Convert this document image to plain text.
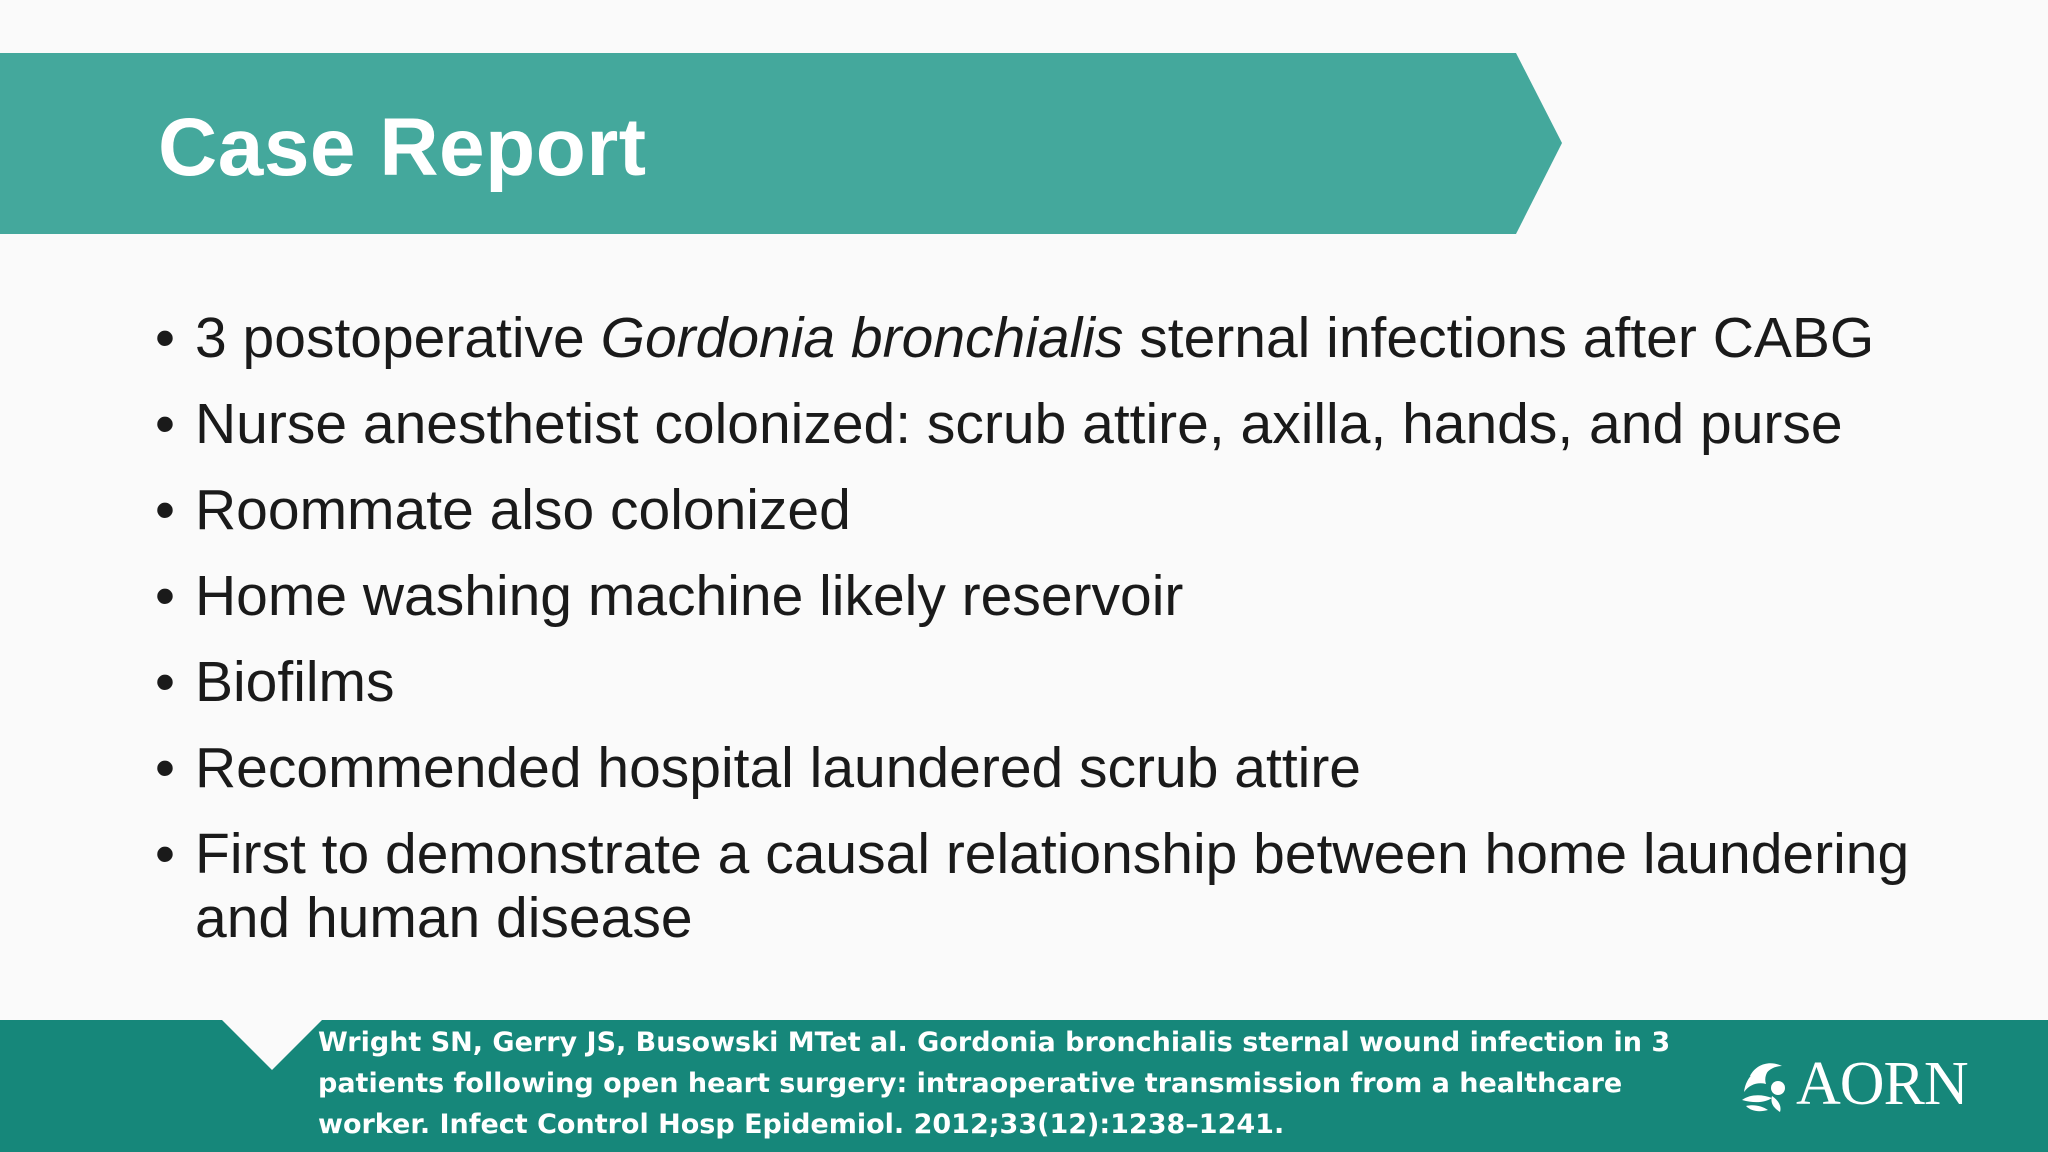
Case Report
• 3 postoperative Gordonia bronchialis sternal infections after CABG
• Nurse anesthetist colonized: scrub attire, axilla, hands, and purse
• Roommate also colonized
• Home washing machine likely reservoir
• Biofilms
• Recommended hospital laundered scrub attire
• First to demonstrate a causal relationship between home laundering and human disease

Wright SN, Gerry JS, Busowski MTet al. Gordonia bronchialis sternal wound infection in 3 patients following open heart surgery: intraoperative transmission from a healthcare worker. Infect Control Hosp Epidemiol. 2012;33(12):1238–1241.

AORN
